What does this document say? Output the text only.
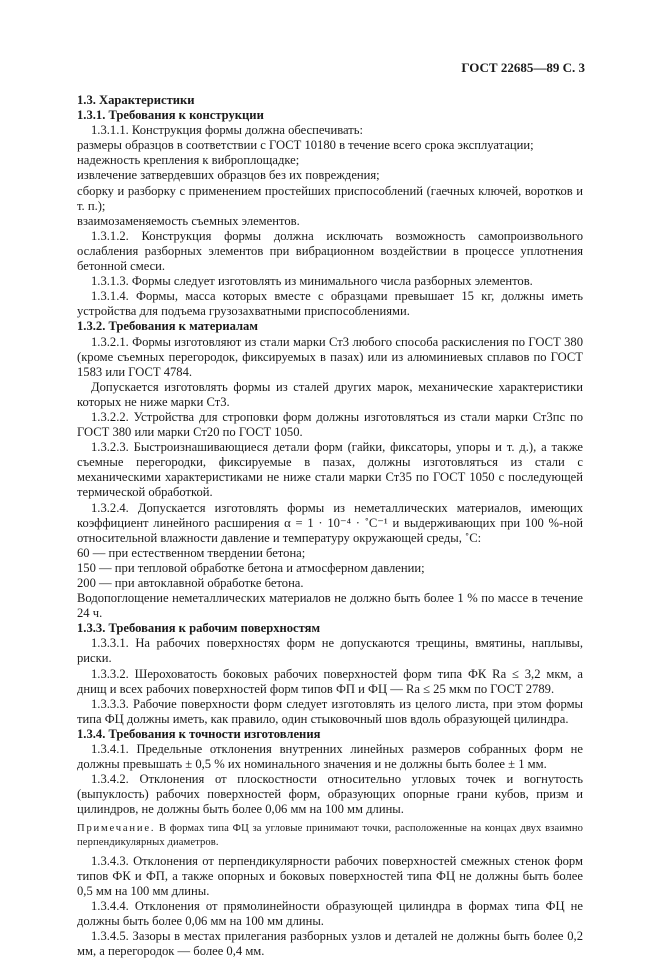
ГОСТ 22685—89 С. 3

1.3. Характеристики

1.3.1. Требования к конструкции

1.3.1.1. Конструкция формы должна обеспечивать:

размеры образцов в соответствии с ГОСТ 10180 в течение всего срока эксплуатации;

надежность крепления к виброплощадке;

извлечение затвердевших образцов без их повреждения;

сборку и разборку с применением простейших приспособлений (гаечных ключей, воротков и т. п.);

взаимозаменяемость съемных элементов.

1.3.1.2. Конструкция формы должна исключать возможность самопроизвольного ослабления разборных элементов при вибрационном воздействии в процессе уплотнения бетонной смеси.

1.3.1.3. Формы следует изготовлять из минимального числа разборных элементов.

1.3.1.4. Формы, масса которых вместе с образцами превышает 15 кг, должны иметь устройства для подъема грузозахватными приспособлениями.

1.3.2. Требования к материалам

1.3.2.1. Формы изготовляют из стали марки Ст3 любого способа раскисления по ГОСТ 380 (кроме съемных перегородок, фиксируемых в пазах) или из алюминиевых сплавов по ГОСТ 1583 или ГОСТ 4784.

Допускается изготовлять формы из сталей других марок, механические характеристики которых не ниже марки Ст3.

1.3.2.2. Устройства для строповки форм должны изготовляться из стали марки Ст3пс по ГОСТ 380 или марки Ст20 по ГОСТ 1050.

1.3.2.3. Быстроизнашивающиеся детали форм (гайки, фиксаторы, упоры и т. д.), а также съемные перегородки, фиксируемые в пазах, должны изготовляться из стали с механическими характеристиками не ниже стали марки Ст35 по ГОСТ 1050 с последующей термической обработкой.

1.3.2.4. Допускается изготовлять формы из неметаллических материалов, имеющих коэффициент линейного расширения α = 1 · 10⁻⁴ · ˚С⁻¹ и выдерживающих при 100 %-ной относительной влажности давление и температуру окружающей среды, ˚С:

60 — при естественном твердении бетона;

150 — при тепловой обработке бетона и атмосферном давлении;

200 — при автоклавной обработке бетона.

Водопоглощение неметаллических материалов не должно быть более 1 % по массе в течение 24 ч.

1.3.3. Требования к рабочим поверхностям

1.3.3.1. На рабочих поверхностях форм не допускаются трещины, вмятины, наплывы, риски.

1.3.3.2. Шероховатость боковых рабочих поверхностей форм типа ФК Ra ≤ 3,2 мкм, а днищ и всех рабочих поверхностей форм типов ФП и ФЦ — Ra ≤ 25 мкм по ГОСТ 2789.

1.3.3.3. Рабочие поверхности форм следует изготовлять из целого листа, при этом формы типа ФЦ должны иметь, как правило, один стыковочный шов вдоль образующей цилиндра.

1.3.4. Требования к точности изготовления

1.3.4.1. Предельные отклонения внутренних линейных размеров собранных форм не должны превышать ± 0,5 % их номинального значения и не должны быть более ± 1 мм.

1.3.4.2. Отклонения от плоскостности относительно угловых точек и вогнутость (выпуклость) рабочих поверхностей форм, образующих опорные грани кубов, призм и цилиндров, не должны быть более 0,06 мм на 100 мм длины.

Примечание. В формах типа ФЦ за угловые принимают точки, расположенные на концах двух взаимно перпендикулярных диаметров.

1.3.4.3. Отклонения от перпендикулярности рабочих поверхностей смежных стенок форм типов ФК и ФП, а также опорных и боковых поверхностей типа ФЦ не должны быть более 0,5 мм на 100 мм длины.

1.3.4.4. Отклонения от прямолинейности образующей цилиндра в формах типа ФЦ не должны быть более 0,06 мм на 100 мм длины.

1.3.4.5. Зазоры в местах прилегания разборных узлов и деталей не должны быть более 0,2 мм, а перегородок — более 0,4 мм.
